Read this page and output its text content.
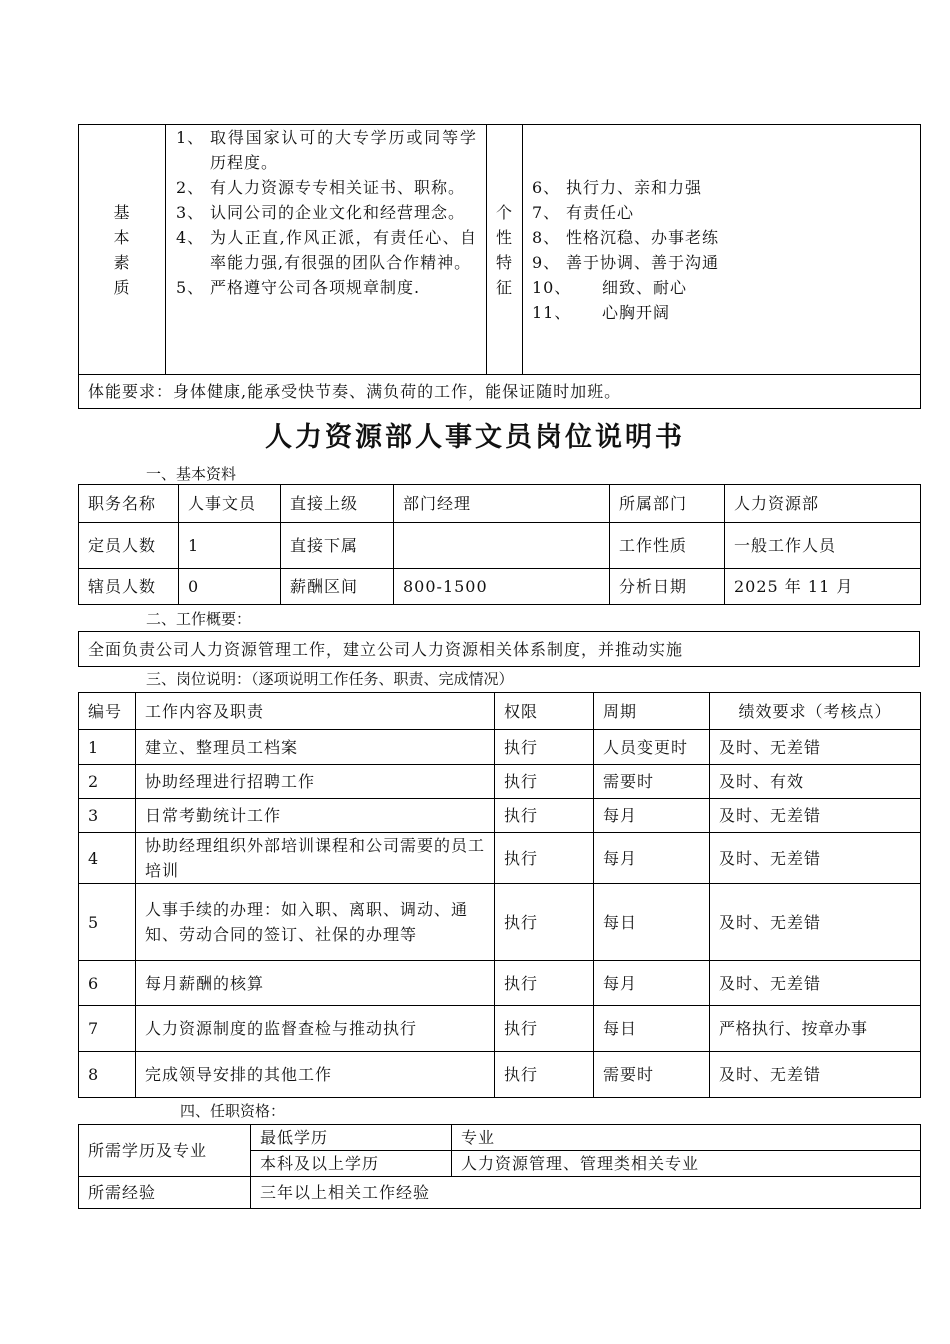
基
本
素
质

1、 取得国家认可的大专学历或同等学历程度。
2、 有人力资源专专相关证书、职称。
3、 认同公司的企业文化和经营理念。
4、 为人正直,作风正派，有责任心、自率能力强,有很强的团队合作精神。
5、 严格遵守公司各项规章制度.

个
性
特
征

6、 执行力、亲和力强
7、 有责任心
8、 性格沉稳、办事老练
9、 善于协调、善于沟通
10、	细致、耐心
11、	心胸开阔

体能要求：身体健康,能承受快节奏、满负荷的工作，能保证随时加班。
人力资源部人事文员岗位说明书
一、基本资料
职务名称	人事文员	直接上级	部门经理	所属部门	人力资源部
定员人数	1	直接下属		工作性质	一般工作人员
辖员人数	0	薪酬区间	800-1500	分析日期	2025 年 11 月
二、工作概要：
全面负责公司人力资源管理工作，建立公司人力资源相关体系制度，并推动实施
三、岗位说明：（逐项说明工作任务、职责、完成情况）
编号	工作内容及职责	权限	周期	绩效要求（考核点）
1	建立、整理员工档案	执行	人员变更时	及时、无差错
2	协助经理进行招聘工作	执行	需要时	及时、有效
3	日常考勤统计工作	执行	每月	及时、无差错
4	协助经理组织外部培训课程和公司需要的员工培训	执行	每月	及时、无差错
5	人事手续的办理：如入职、离职、调动、通知、劳动合同的签订、社保的办理等	执行	每日	及时、无差错
6	每月薪酬的核算	执行	每月	及时、无差错
7	人力资源制度的监督查检与推动执行	执行	每日	严格执行、按章办事
8	完成领导安排的其他工作	执行	需要时	及时、无差错
四、任职资格：
所需学历及专业	最低学历	专业
	本科及以上学历	人力资源管理、管理类相关专业
所需经验	三年以上相关工作经验	
